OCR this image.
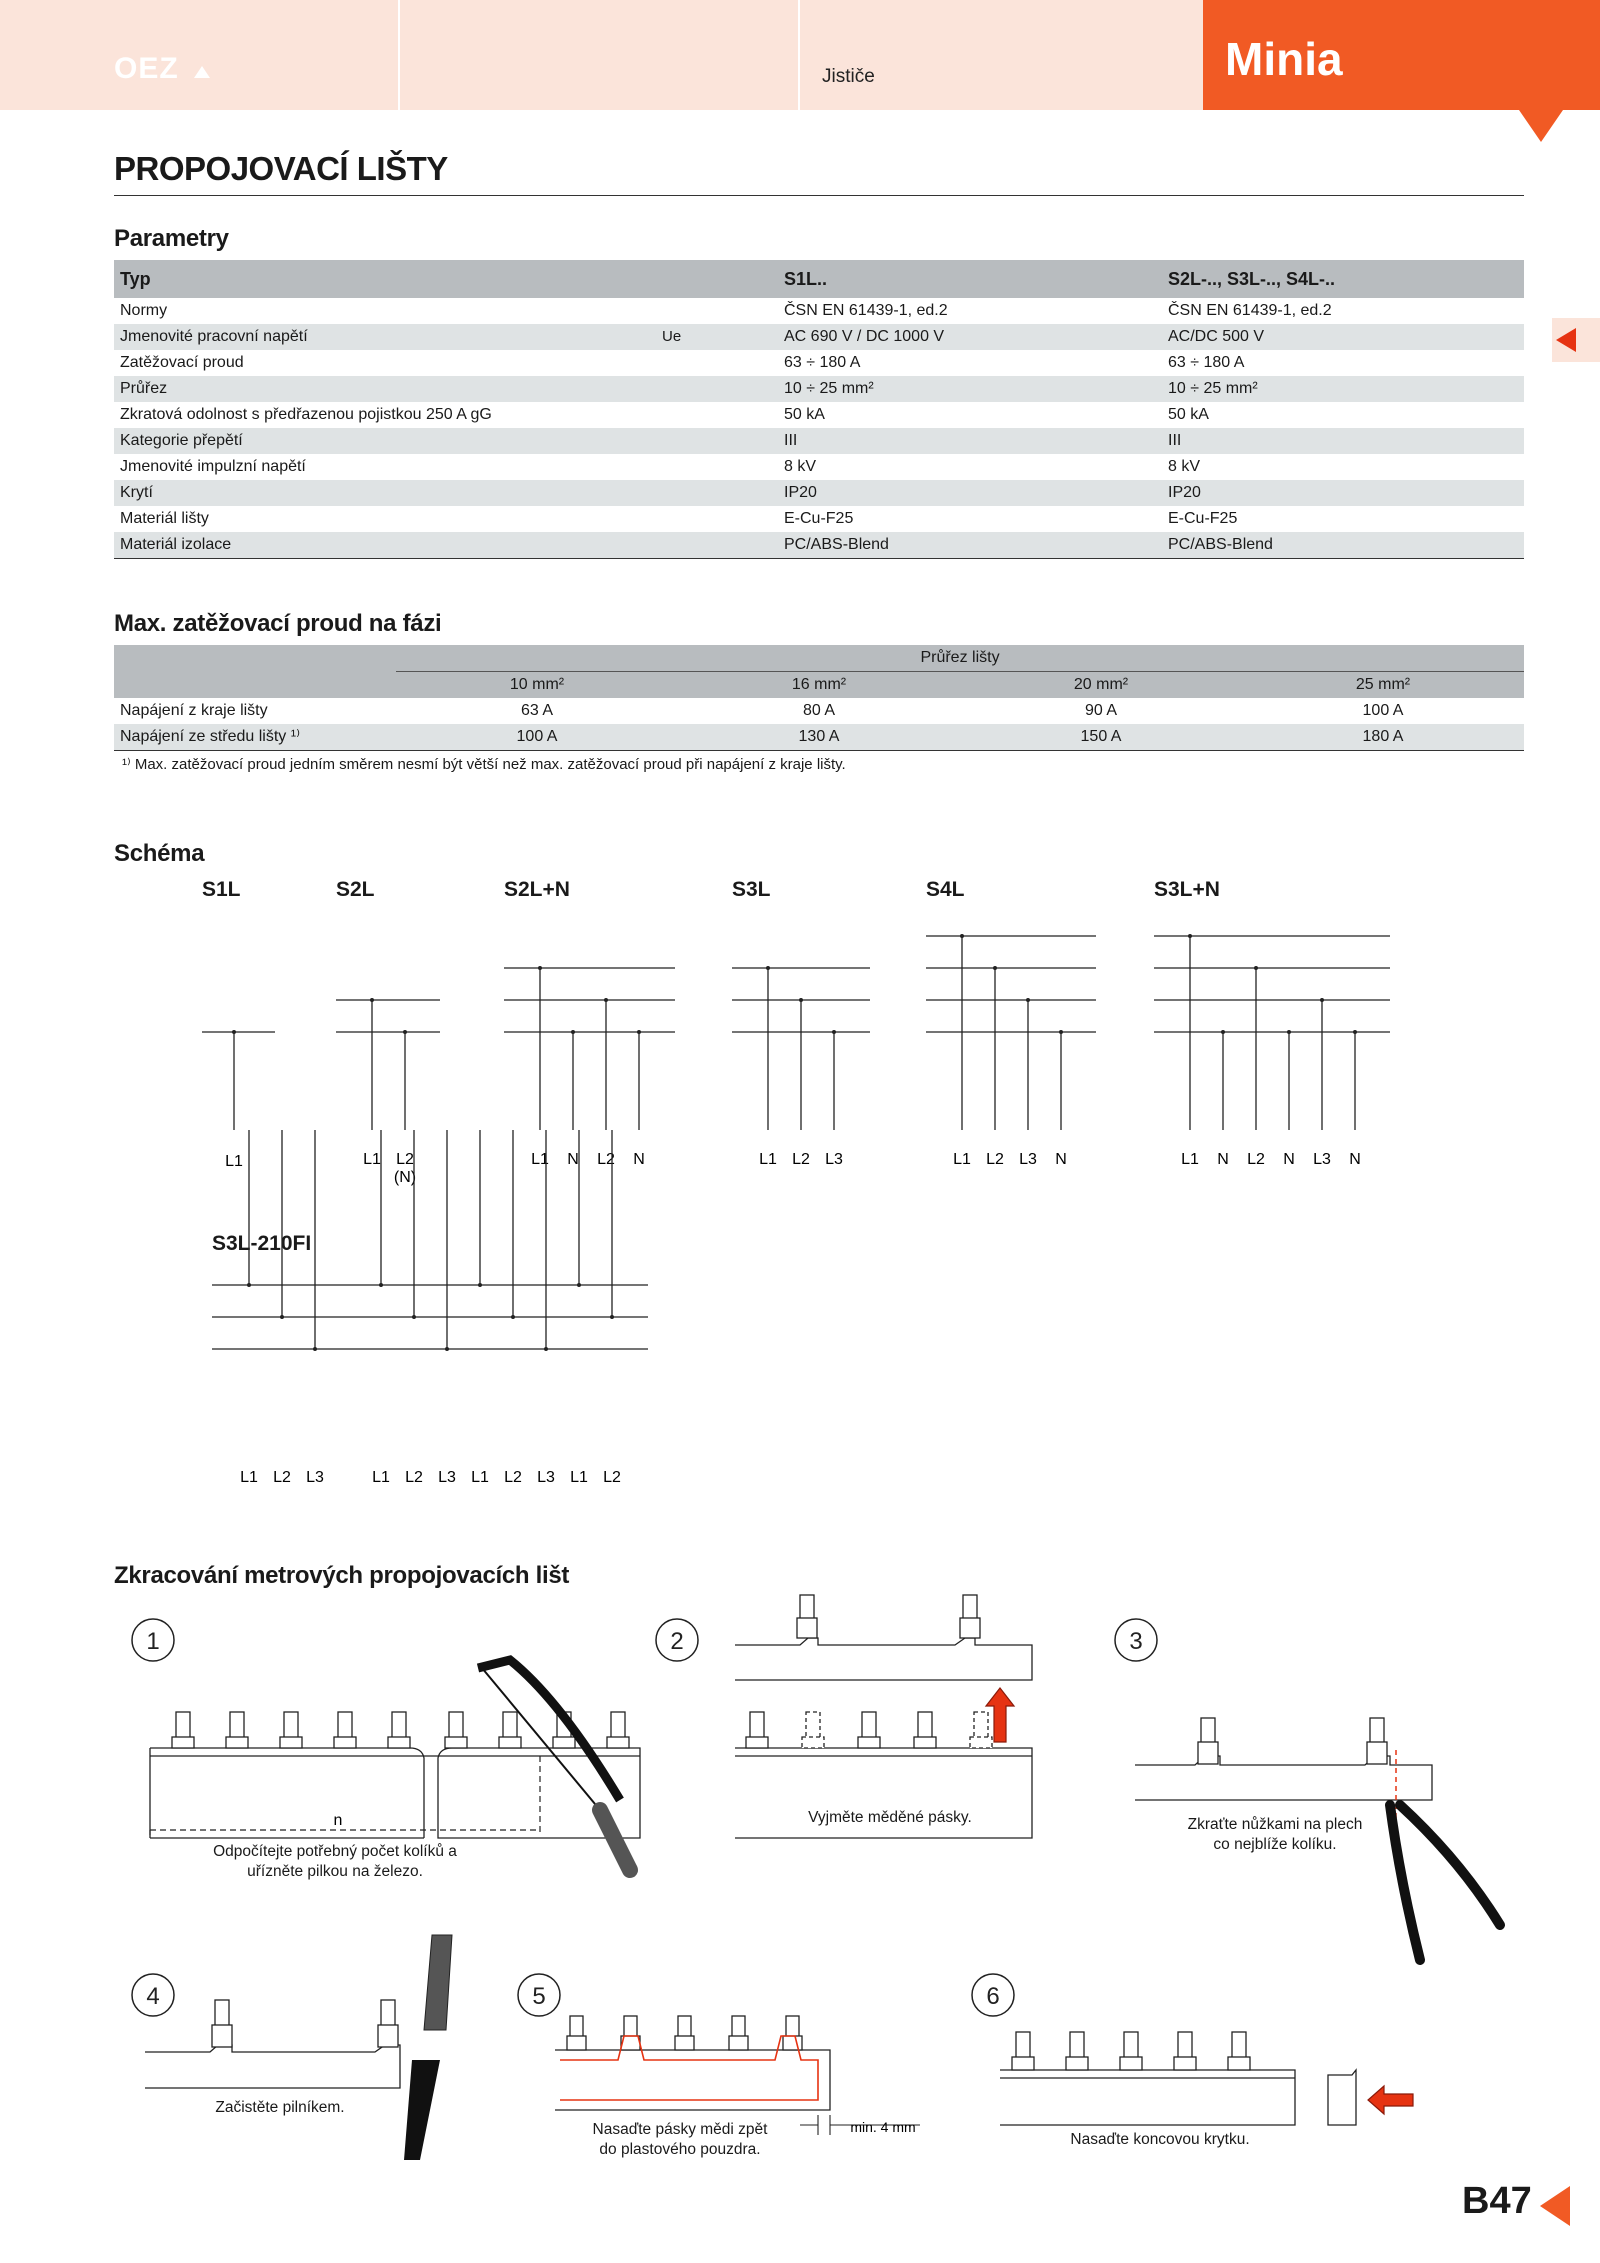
OEZ	Jističe	Minia
PROPOJOVACÍ LIŠTY
Parametry
Typ		S1L..	S2L-.., S3L-.., S4L-..
Normy		ČSN EN 61439-1, ed.2	ČSN EN 61439-1, ed.2
Jmenovité pracovní napětí	Ue	AC 690 V / DC 1000 V	AC/DC 500 V
Zatěžovací proud		63 ÷ 180 A	63 ÷ 180 A
Průřez		10 ÷ 25 mm²	10 ÷ 25 mm²
Zkratová odolnost s předřazenou pojistkou 250 A gG		50 kA	50 kA
Kategorie přepětí		III	III
Jmenovité impulzní napětí		8 kV	8 kV
Krytí		IP20	IP20
Materiál lišty		E-Cu-F25	E-Cu-F25
Materiál izolace		PC/ABS-Blend	PC/ABS-Blend
Max. zatěžovací proud na fázi
	Průřez lišty			
	10 mm²	16 mm²	20 mm²	25 mm²
Napájení z kraje lišty	63 A	80 A	90 A	100 A
Napájení ze středu lišty ¹⁾	100 A	130 A	150 A	180 A
¹⁾ Max. zatěžovací proud jedním směrem nesmí být větší než max. zatěžovací proud při napájení z kraje lišty.
Schéma
S1L	S2L	S2L+N	S3L	S4L	S3L+N
S3L-210FI
L1	L1 L2
(N)
L1 N L2 N	L1 L2 L3	L1 L2 L3 N	L1 N L2 N L3 N
L1 L2 L3	L1 L2 L3 L1 L2 L3 L1 L2
Zkracování metrových propojovacích lišt
1	2	3
4	5	6
n
min. 4 mm
Odpočítejte potřebný počet kolíků a uřízněte pilkou na železo.
Vyjměte měděné pásky.	Zkraťte nůžkami na plech co nejblíže kolíku.
Začistěte pilníkem.
Nasaďte pásky mědi zpět do plastového pouzdra.
Nasaďte koncovou krytku.
B47
